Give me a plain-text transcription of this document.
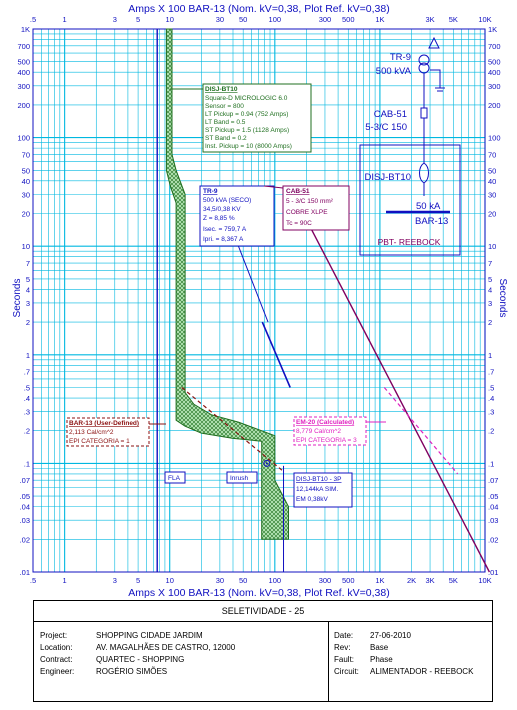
.5	1	3	5	10	30 50	100	300 500	1K	3K 5K	10K
.5	1	3	5	10	30 50	100	300 500	1K	2K 3K 5K	10K
1K	1K
700	700
500	500
400	400
300	300
200	200
100	100
70	70
50	50
40	40
30	30
20	20
10	10
7	7
5	5
4	4
3	3
2	2
1	1
.7	.7
.5	.5
.4	.4
.3	.3
.2	.2
.1	.1
.07	.07
.05	.05
.04	.04
.03	.03
.02	.02
.01	.01
Amps X 100 BAR-13 (Nom. kV=0,38, Plot Ref. kV=0,38)
Amps X 100 BAR-13 (Nom. kV=0,38, Plot Ref. kV=0,38)
Seconds	Seconds
PBT- REEBOCK
TR-9
500 kVA
CAB-51
5-3/C 150
DISJ-BT10
50 kA
BAR-13
DISJ-BT10
Square-D MICROLOGIC 6.0
Sensor = 800
LT Pickup = 0.94 (752 Amps)
LT Band = 0.5
ST Pickup = 1.5 (1128 Amps)
ST Band = 0.2
Inst. Pickup = 10 (8000 Amps)
TR-9
500 kVA (SECO)
34,5/0,38 KV
Z = 8,85 %
Isec. = 759,7 A
Ipri. = 8,367 A
CAB-51
5 - 3/C 150 mm²
COBRE XLPE
Tc = 90C
BAR-13 (User-Defined)
2,113 Cal/cm^2
EPI CATEGORIA = 1
EM-20 (Calculated)
8,779 Cal/cm^2
EPI CATEGORIA = 3
DISJ-BT10 - 3P
12,144kA SIM.
EM 0,38kV
FLA	Inrush
SELETIVIDADE - 25
Project:	SHOPPING CIDADE JARDIM
Location:	AV. MAGALHÃES DE CASTRO, 12000
Contract:	QUARTEC - SHOPPING
Engineer:	ROGÉRIO SIMÕES
Date: 27-06-2010
Rev: Base
Fault: Phase
Circuit: ALIMENTADOR - REEBOCK
